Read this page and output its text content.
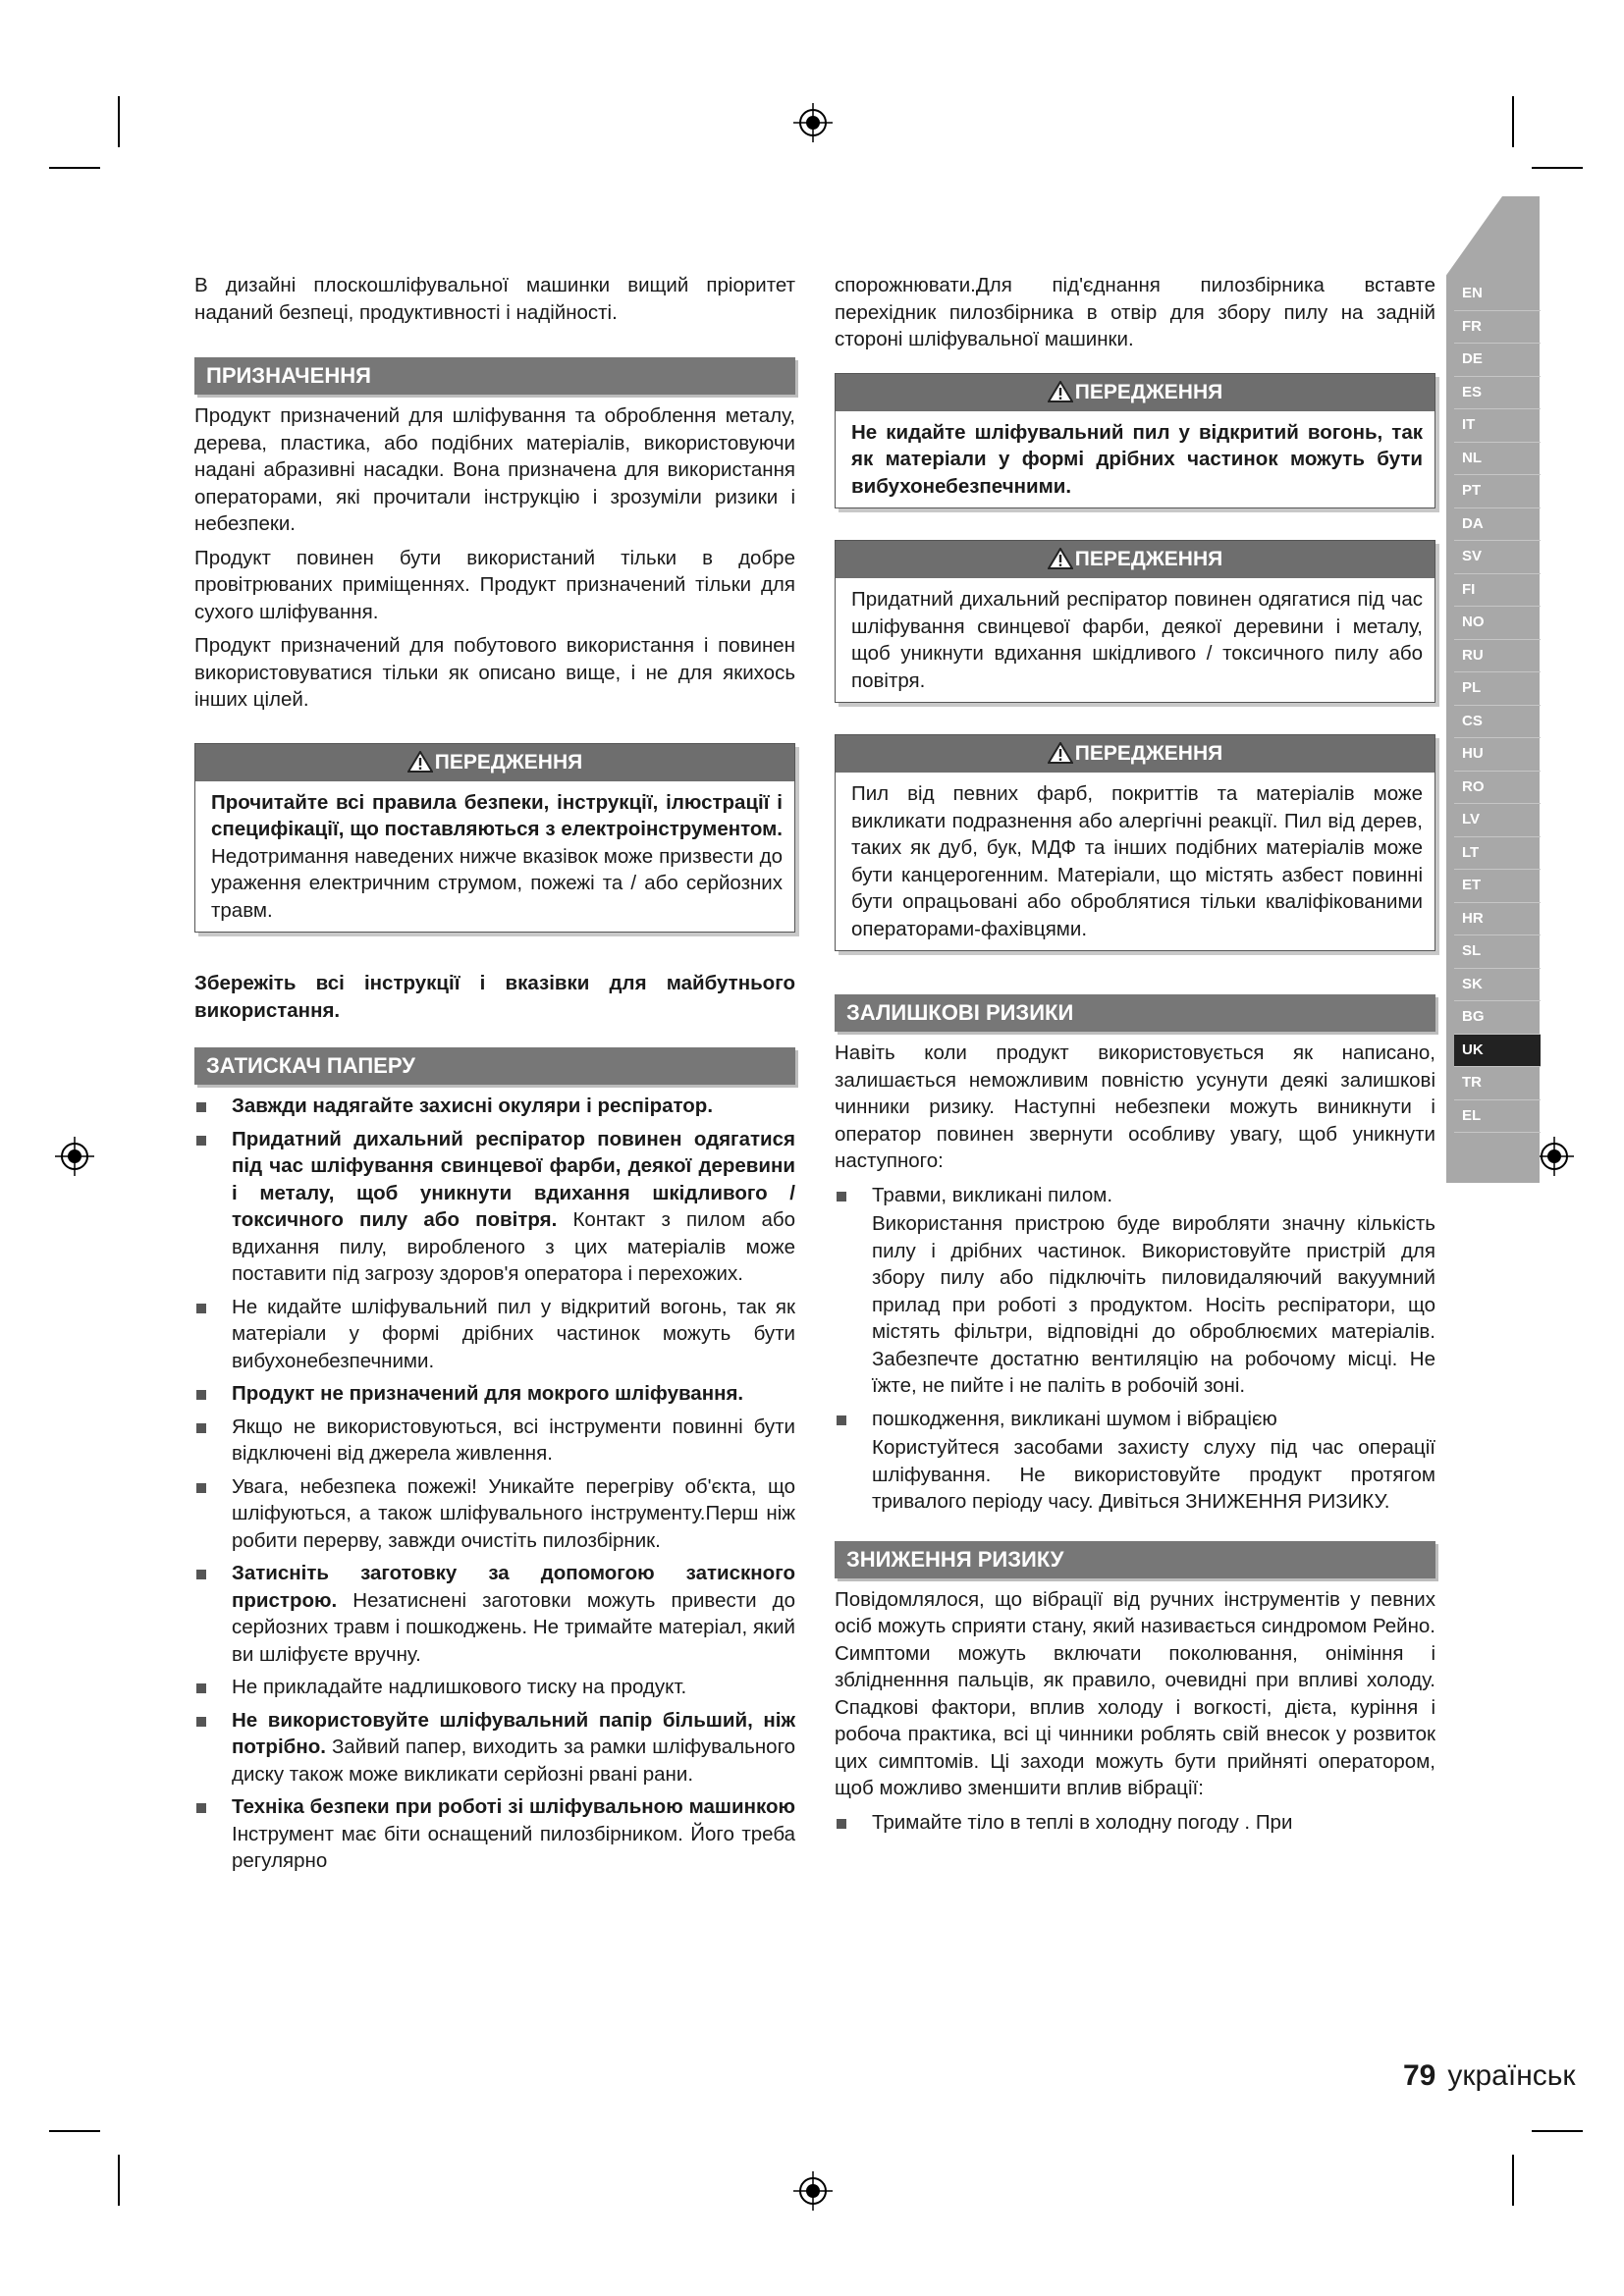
В дизайні плоскошліфувальної машинки вищий пріоритет наданий безпеці, продуктивності і надійності.

ПРИЗНАЧЕННЯ

Продукт призначений для шліфування та оброблення металу, дерева, пластика, або подібних матеріалів, використовуючи надані абразивні насадки. Вона призначена для використання операторами, які прочитали інструкцію і зрозуміли ризики і небезпеки.

Продукт повинен бути використаний тільки в добре провітрюваних приміщеннях. Продукт призначений тільки для сухого шліфування.

Продукт призначений для побутового використання і повинен використовуватися тільки як описано вище, і не для якихось інших цілей.

ПЕРЕДЖЕННЯ

Прочитайте всі правила безпеки, інструкції, ілюстрації і специфікації, що поставляються з електроінструментом. Недотримання наведених нижче вказівок може призвести до ураження електричним струмом, пожежі та / або серйозних травм.

Збережіть всі інструкції і вказівки для майбутнього використання.

ЗАТИСКАЧ ПАПЕРУ
Завжди надягайте захисні окуляри і респіратор.
Придатний дихальний респіратор повинен одягатися під час шліфування свинцевої фарби, деякої деревини і металу, щоб уникнути вдихання шкідливого / токсичного пилу або повітря. Контакт з пилом або вдихання пилу, виробленого з цих матеріалів може поставити під загрозу здоров'я оператора і перехожих.
Не кидайте шліфувальний пил у відкритий вогонь, так як матеріали у формі дрібних частинок можуть бути вибухонебезпечними.
Продукт не призначений для мокрого шліфування.
Якщо не використовуються, всі інструменти повинні бути відключені від джерела живлення.
Увага, небезпека пожежі! Уникайте перегріву об'єкта, що шліфуються, а також шліфувального інструменту.Перш ніж робити перерву, завжди очистіть пилозбірник.
Затисніть заготовку за допомогою затискного пристрою. Незатиснені заготовки можуть привести до серйозних травм і пошкоджень. Не тримайте матеріал, який ви шліфуєте вручну.
Не прикладайте надлишкового тиску на продукт.
Не використовуйте шліфувальний папір більший, ніж потрібно. Зайвий папер, виходить за рамки шліфувального диску також може викликати серйозні рвані рани.
Техніка безпеки при роботі зі шліфувальною машинкою Інструмент має біти оснащений пилозбірником. Його треба регулярно

спорожнювати.Для під'єднання пилозбірника вставте перехідник пилозбірника в отвір для збору пилу на задній стороні шліфувальної машинки.

ПЕРЕДЖЕННЯ

Не кидайте шліфувальний пил у відкритий вогонь, так як матеріали у формі дрібних частинок можуть бути вибухонебезпечними.

ПЕРЕДЖЕННЯ

Придатний дихальний респіратор повинен одягатися під час шліфування свинцевої фарби, деякої деревини і металу, щоб уникнути вдихання шкідливого / токсичного пилу або повітря.

ПЕРЕДЖЕННЯ

Пил від певних фарб, покриттів та матеріалів може викликати подразнення або алергічні реакції. Пил від дерев, таких як дуб, бук, МДФ та інших подібних матеріалів може бути канцерогенним. Матеріали, що містять азбест повинні бути опрацьовані або оброблятися тільки кваліфікованими операторами-фахівцями.

ЗАЛИШКОВІ РИЗИКИ

Навіть коли продукт використовується як написано, залишається неможливим повністю усунути деякі залишкові чинники ризику. Наступні небезпеки можуть виникнути і оператор повинен звернути особливу увагу, щоб уникнути наступного:

Травми, викликані пилом.
Використання пристрою буде виробляти значну кількість пилу і дрібних частинок. Використовуйте пристрій для збору пилу або підключіть пиловидаляючий вакуумний прилад при роботі з продуктом. Носіть респіратори, що містять фільтри, відповідні до оброблюємих матеріалів. Забезпечте достатню вентиляцію на робочому місці. Не їжте, не пийте і не паліть в робочій зоні.
пошкодження, викликані шумом і вібрацією
Користуйтеся засобами захисту слуху під час операції шліфування. Не використовуйте продукт протягом тривалого періоду часу. Дивіться ЗНИЖЕННЯ РИЗИКУ.
ЗНИЖЕННЯ РИЗИКУ

Повідомлялося, що вібрації від ручних інструментів у певних осіб можуть сприяти стану, який називається синдромом Рейно. Симптоми можуть включати поколювання, оніміння і зблідненння пальців, як правило, очевидні при впливі холоду. Спадкові фактори, вплив холоду і вогкості, дієта, куріння і робоча практика, всі ці чинники роблять свій внесок у розвиток цих симптомів. Ці заходи можуть бути прийняті оператором, щоб можливо зменшити вплив вібрації:

Тримайте тіло в теплі в холодну погоду . При
EN
FR
DE
ES
IT
NL
PT
DA
SV
FI
NO
RU
PL
CS
HU
RO
LV
LT
ET
HR
SL
SK
BG
UK
TR
EL
79 українськ
